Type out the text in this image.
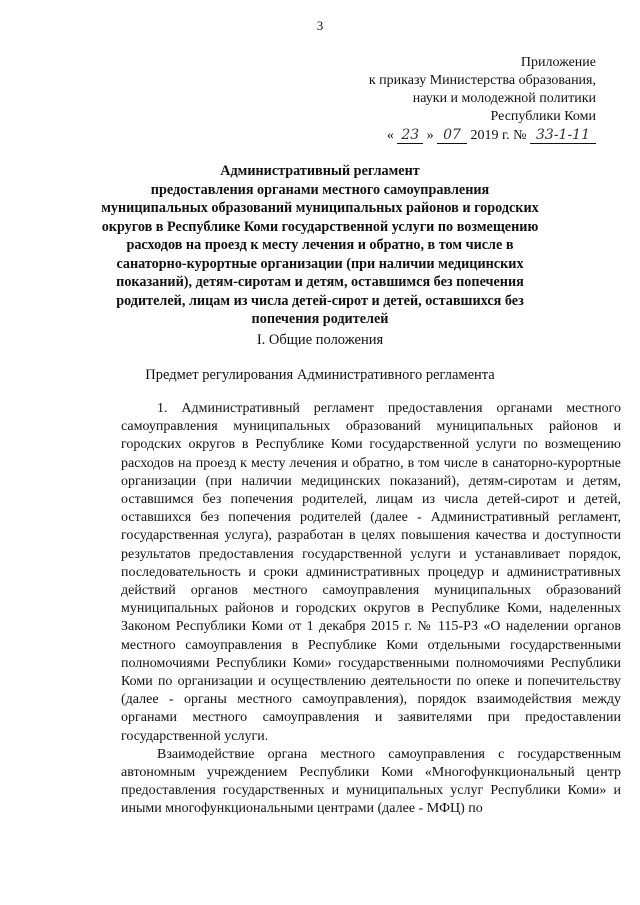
3
Приложение
к приказу Министерства образования,
науки и молодежной политики
Республики Коми
« 23 » 07 2019 г. № 33-1-11
Административный регламент
предоставления органами местного самоуправления муниципальных образований муниципальных районов и городских округов в Республике Коми государственной услуги по возмещению расходов на проезд к месту лечения и обратно, в том числе в санаторно-курортные организации (при наличии медицинских показаний), детям-сиротам и детям, оставшимся без попечения родителей, лицам из числа детей-сирот и детей, оставшихся без попечения родителей
I. Общие положения
Предмет регулирования Административного регламента

1. Административный регламент предоставления органами местного самоуправления муниципальных образований муниципальных районов и городских округов в Республике Коми государственной услуги по возмещению расходов на проезд к месту лечения и обратно, в том числе в санаторно-курортные организации (при наличии медицинских показаний), детям-сиротам и детям, оставшимся без попечения родителей, лицам из числа детей-сирот и детей, оставшихся без попечения родителей (далее - Административный регламент, государственная услуга), разработан в целях повышения качества и доступности результатов предоставления государственной услуги и устанавливает порядок, последовательность и сроки административных процедур и административных действий органов местного самоуправления муниципальных образований муниципальных районов и городских округов в Республике Коми, наделенных Законом Республики Коми от 1 декабря 2015 г. № 115-РЗ «О наделении органов местного самоуправления в Республике Коми отдельными государственными полномочиями Республики Коми» государственными полномочиями Республики Коми по организации и осуществлению деятельности по опеке и попечительству (далее - органы местного самоуправления), порядок взаимодействия между органами местного самоуправления и заявителями при предоставлении государственной услуги.

Взаимодействие органа местного самоуправления с государственным автономным учреждением Республики Коми «Многофункциональный центр предоставления государственных и муниципальных услуг Республики Коми» и иными многофункциональными центрами (далее - МФЦ) по
